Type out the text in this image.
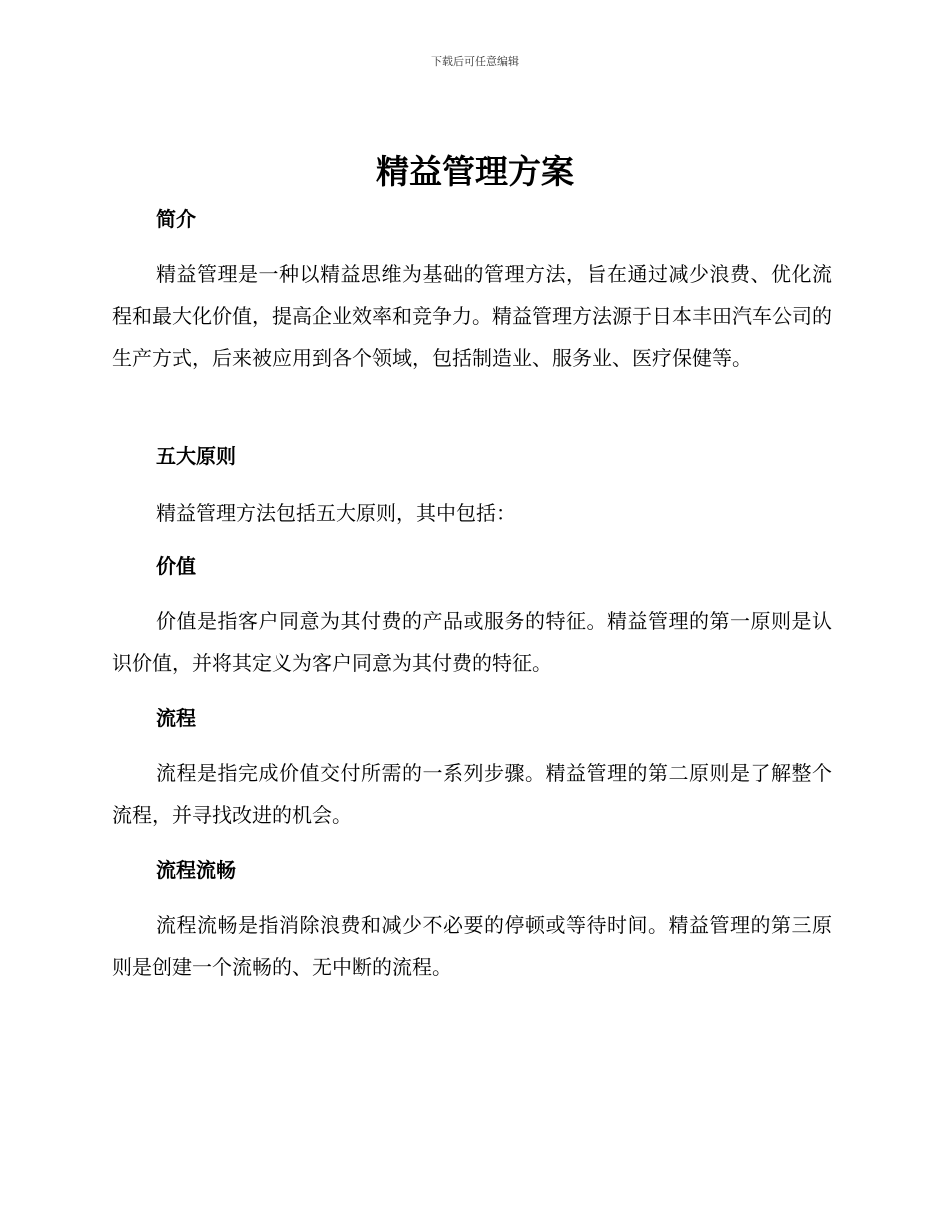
下载后可任意编辑
精益管理方案
简介

精益管理是一种以精益思维为基础的管理方法，旨在通过减少浪费、优化流程和最大化价值，提高企业效率和竞争力。精益管理方法源于日本丰田汽车公司的生产方式，后来被应用到各个领域，包括制造业、服务业、医疗保健等。

五大原则

精益管理方法包括五大原则，其中包括：

价值

价值是指客户同意为其付费的产品或服务的特征。精益管理的第一原则是认识价值，并将其定义为客户同意为其付费的特征。

流程

流程是指完成价值交付所需的一系列步骤。精益管理的第二原则是了解整个流程，并寻找改进的机会。

流程流畅

流程流畅是指消除浪费和减少不必要的停顿或等待时间。精益管理的第三原则是创建一个流畅的、无中断的流程。
